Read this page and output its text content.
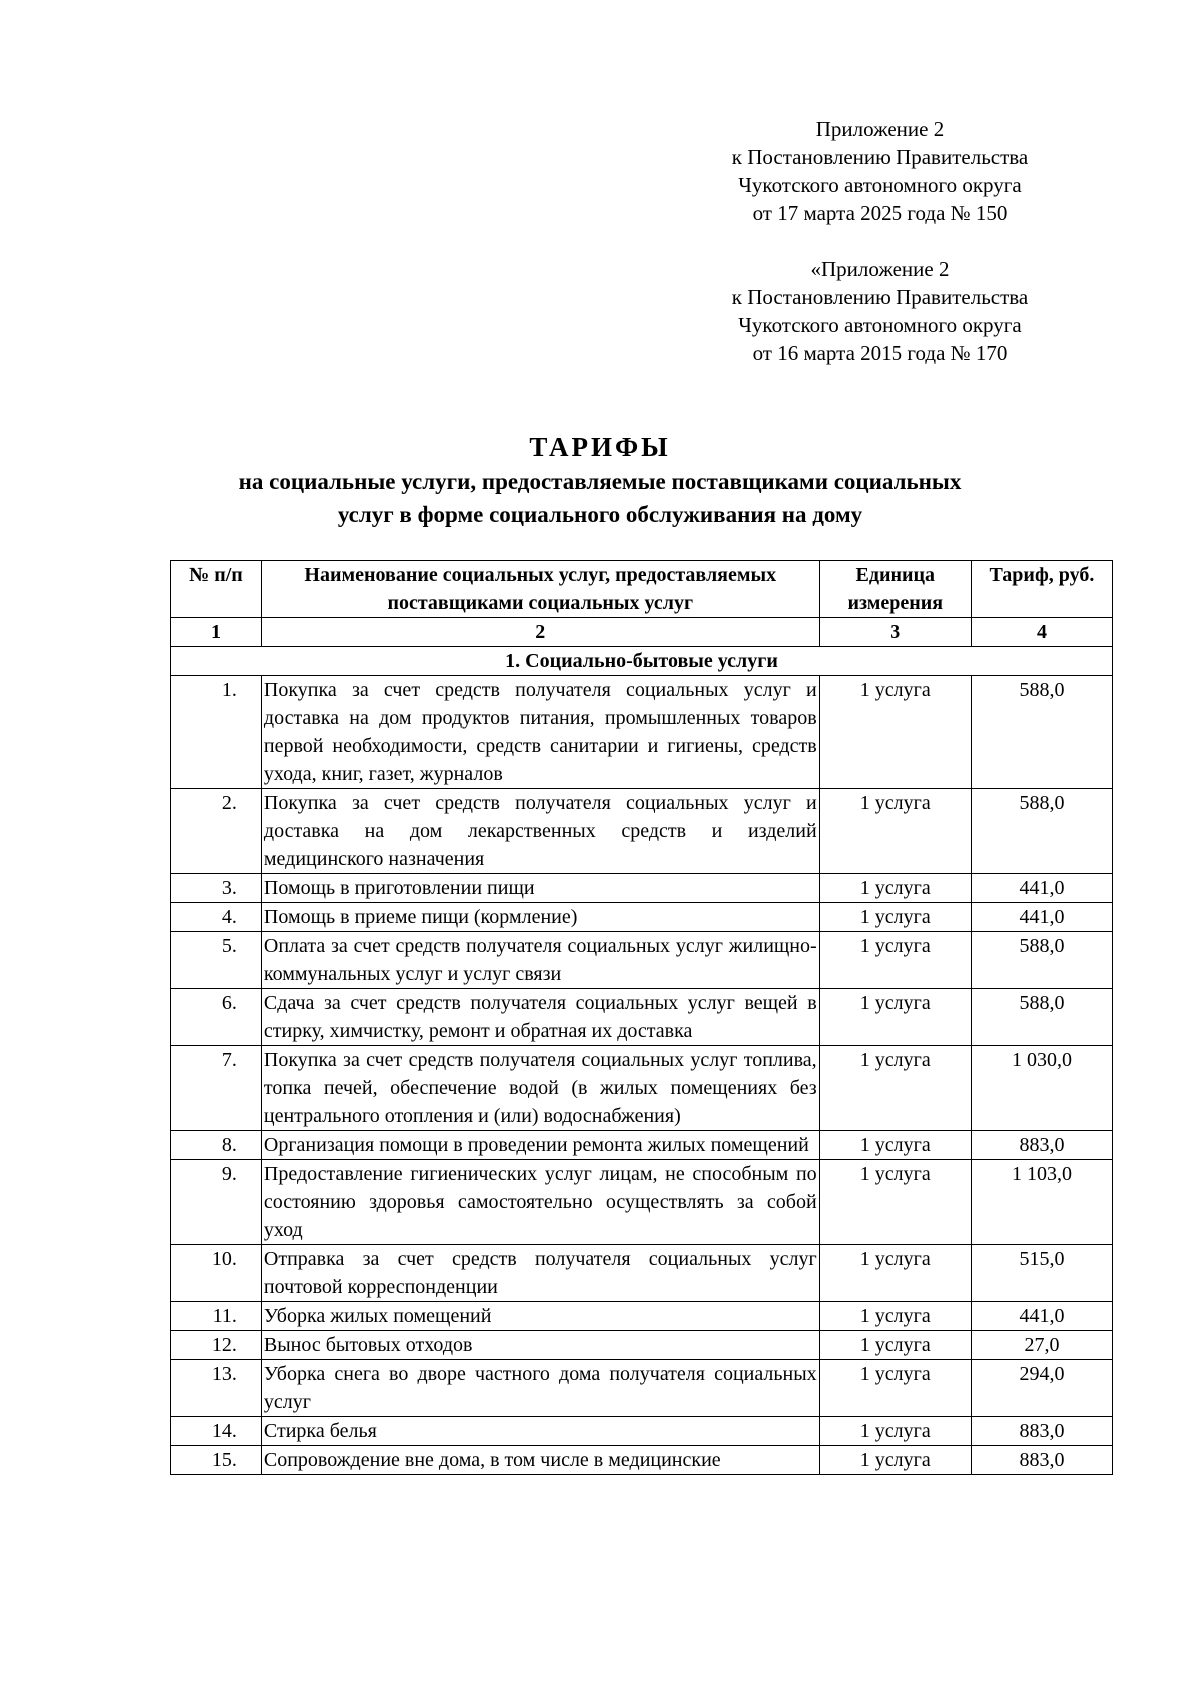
Приложение 2
к Постановлению Правительства
Чукотского автономного округа
от 17 марта 2025 года № 150
«Приложение 2
к Постановлению Правительства
Чукотского автономного округа
от 16 марта 2015 года № 170
ТАРИФЫ
на социальные услуги, предоставляемые поставщиками социальных
услуг в форме социального обслуживания на дому
№ п/п	Наименование социальных услуг, предоставляемых поставщиками социальных услуг	Единица измерения	Тариф, руб.
1	2	3	4
1. Социально-бытовые услуги			
1.	Покупка за счет средств получателя социальных услуг и доставка на дом продуктов питания, промышленных товаров первой необходимости, средств санитарии и гигиены, средств ухода, книг, газет, журналов	1 услуга	588,0
2.	Покупка за счет средств получателя социальных услуг и доставка на дом лекарственных средств и изделий медицинского назначения	1 услуга	588,0
3.	Помощь в приготовлении пищи	1 услуга	441,0
4.	Помощь в приеме пищи (кормление)	1 услуга	441,0
5.	Оплата за счет средств получателя социальных услуг жилищно-коммунальных услуг и услуг связи	1 услуга	588,0
6.	Сдача за счет средств получателя социальных услуг вещей в стирку, химчистку, ремонт и обратная их доставка	1 услуга	588,0
7.	Покупка за счет средств получателя социальных услуг топлива, топка печей, обеспечение водой (в жилых помещениях без центрального отопления и (или) водоснабжения)	1 услуга	1 030,0
8.	Организация помощи в проведении ремонта жилых помещений	1 услуга	883,0
9.	Предоставление гигиенических услуг лицам, не способным по состоянию здоровья самостоятельно осуществлять за собой уход	1 услуга	1 103,0
10.	Отправка за счет средств получателя социальных услуг почтовой корреспонденции	1 услуга	515,0
11.	Уборка жилых помещений	1 услуга	441,0
12.	Вынос бытовых отходов	1 услуга	27,0
13.	Уборка снега во дворе частного дома получателя социальных услуг	1 услуга	294,0
14.	Стирка белья	1 услуга	883,0
15.	Сопровождение вне дома, в том числе в медицинские	1 услуга	883,0
